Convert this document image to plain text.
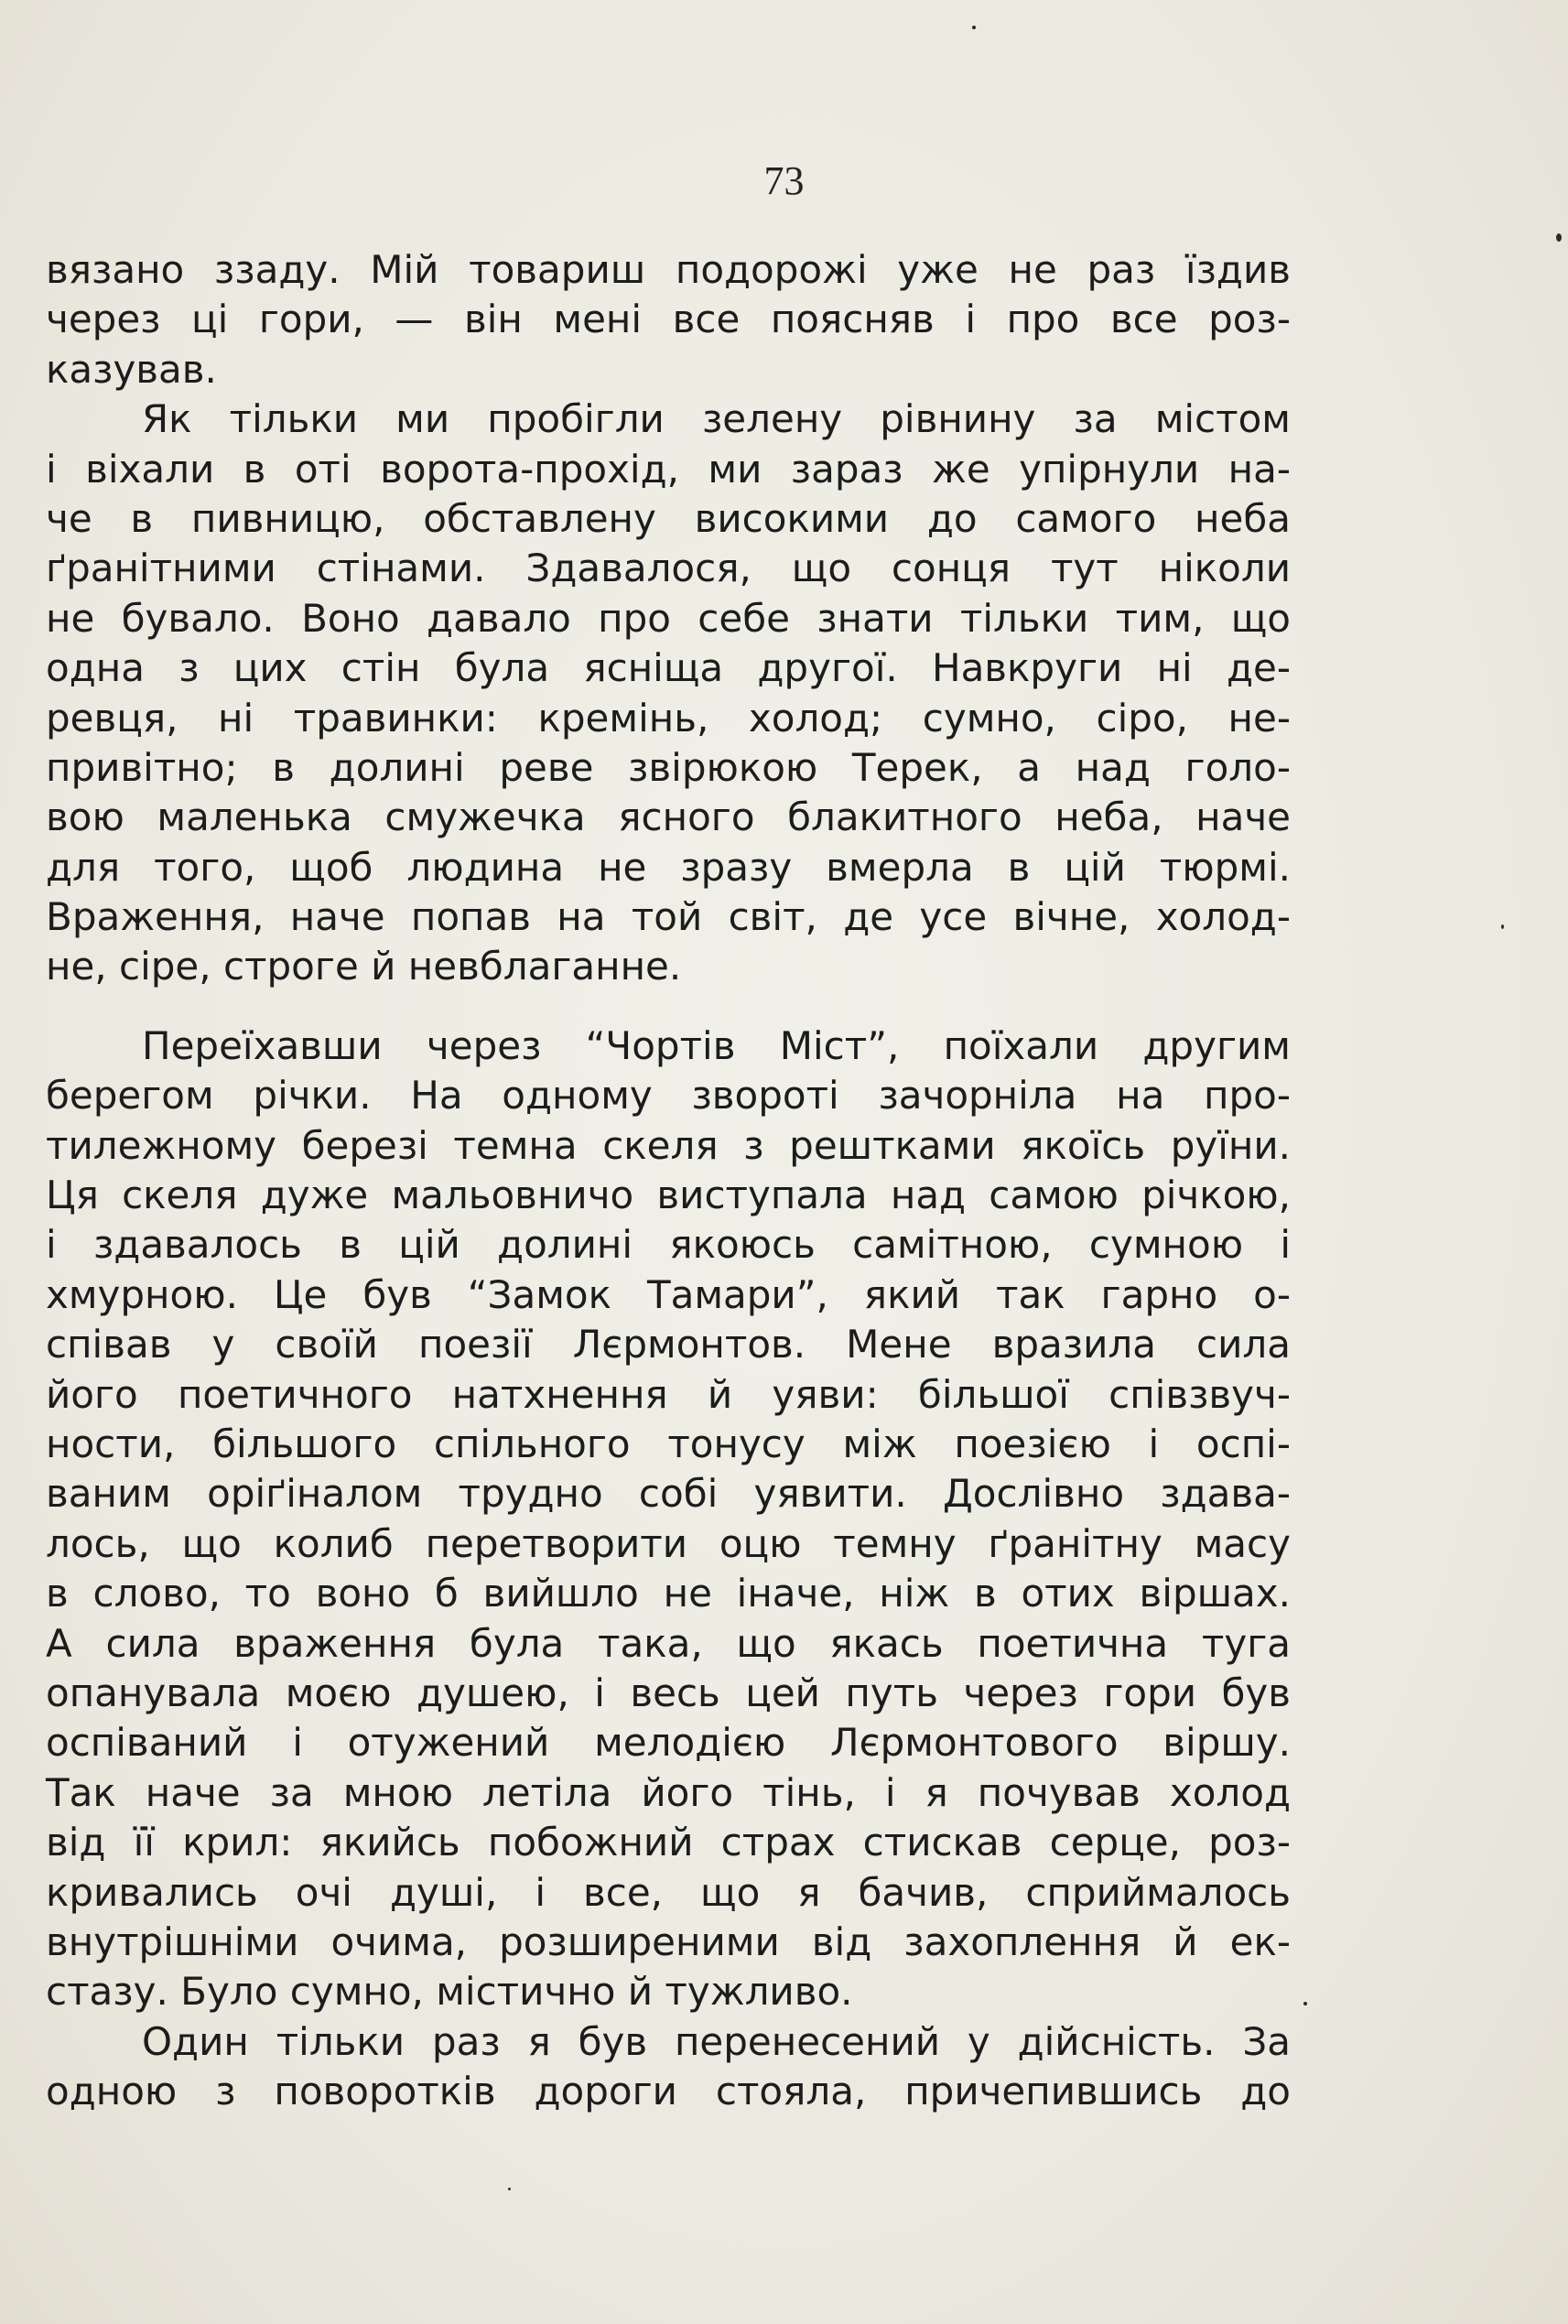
73
вязано ззаду. Мій товариш подорожі уже не раз їздив
через ці гори, — він мені все поясняв і про все роз-
казував.
Як тільки ми пробігли зелену рівнину за містом
і віхали в оті ворота-прохід, ми зараз же упірнули на-
че в пивницю, обставлену високими до самого неба
ґранітними стінами. Здавалося, що сонця тут ніколи
не бувало. Воно давало про себе знати тільки тим, що
одна з цих стін була ясніща другої. Навкруги ні де-
ревця, ні травинки: кремінь, холод; сумно, сіро, не-
привітно; в долині реве звірюкою Терек, а над голо-
вою маленька смужечка ясного блакитного неба, наче
для того, щоб людина не зразу вмерла в цій тюрмі.
Враження, наче попав на той світ, де усе вічне, холод-
не, сіре, строге й невблаганне.
Переїхавши через “Чортів Міст”, поїхали другим
берегом річки. На одному звороті зачорніла на про-
тилежному березі темна скеля з рештками якоїсь руїни.
Ця скеля дуже мальовничо виступала над самою річкою,
і здавалось в цій долині якоюсь самітною, сумною і
хмурною. Це був “Замок Тамари”, який так гарно о-
співав у своїй поезії Лєрмонтов. Мене вразила сила
його поетичного натхнення й уяви: більшої співзвуч-
ности, більшого спільного тонусу між поезією і оспі-
ваним оріґіналом трудно собі уявити. Дослівно здава-
лось, що колиб перетворити оцю темну ґранітну масу
в слово, то воно б вийшло не іначе, ніж в отих віршах.
А сила враження була така, що якась поетична туга
опанувала моєю душею, і весь цей путь через гори був
оспіваний і отужений мелодією Лєрмонтового віршу.
Так наче за мною летіла його тінь, і я почував холод
від її крил: якийсь побожний страх стискав серце, роз-
кривались очі душі, і все, що я бачив, сприймалось
внутрішніми очима, розширеними від захоплення й ек-
стазу. Було сумно, містично й тужливо.
Один тільки раз я був перенесений у дійсність. За
одною з поворотків дороги стояла, причепившись до
